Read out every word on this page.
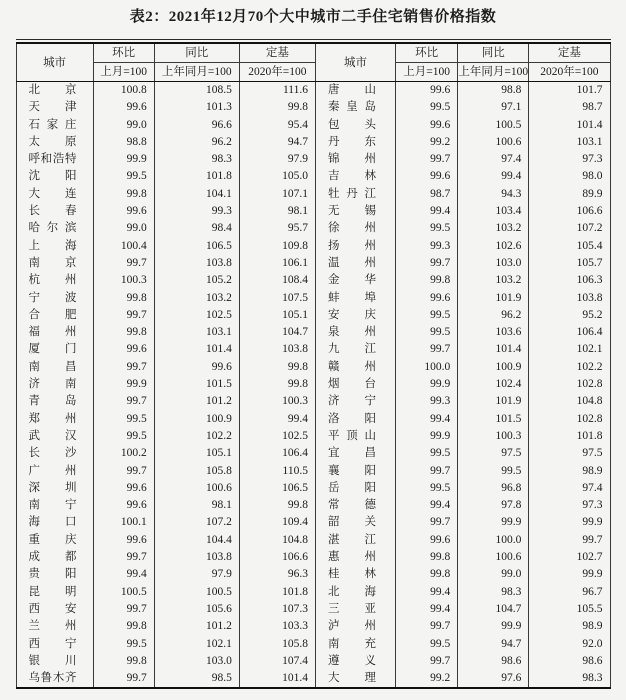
表2：2021年12月70个大中城市二手住宅销售价格指数
城市	环比	同比	定基	城市	环比	同比	定基
	上月=100	上年同月=100	2020年=100		上月=100	上年同月=100	2020年=100

北 京	100.8	108.5	111.6	唐 山	99.6	98.8	101.7

天 津	99.6	101.3	99.8	秦 皇 岛	99.5	97.1	98.7

石 家 庄	99.0	96.6	95.4	包 头	99.6	100.5	101.4

太 原	98.8	96.2	94.7	丹 东	99.2	100.6	103.1

呼 和 浩 特	99.9	98.3	97.9	锦 州	99.7	97.4	97.3

沈 阳	99.5	101.8	105.0	吉 林	99.6	99.4	98.0

大 连	99.8	104.1	107.1	牡 丹 江	98.7	94.3	89.9

长 春	99.6	99.3	98.1	无 锡	99.4	103.4	106.6

哈 尔 滨	99.0	98.4	95.7	徐 州	99.5	103.2	107.2

上 海	100.4	106.5	109.8	扬 州	99.3	102.6	105.4

南 京	99.7	103.8	106.1	温 州	99.7	103.0	105.7

杭 州	100.3	105.2	108.4	金 华	99.8	103.2	106.3

宁 波	99.8	103.2	107.5	蚌 埠	99.6	101.9	103.8

合 肥	99.7	102.5	105.1	安 庆	99.5	96.2	95.2

福 州	99.8	103.1	104.7	泉 州	99.5	103.6	106.4

厦 门	99.6	101.4	103.8	九 江	99.7	101.4	102.1

南 昌	99.7	99.6	99.8	赣 州	100.0	100.9	102.2

济 南	99.9	101.5	99.8	烟 台	99.9	102.4	102.8

青 岛	99.7	101.2	100.3	济 宁	99.3	101.9	104.8

郑 州	99.5	100.9	99.4	洛 阳	99.4	101.5	102.8

武 汉	99.5	102.2	102.5	平 顶 山	99.9	100.3	101.8

长 沙	100.2	105.1	106.4	宜 昌	99.5	97.5	97.5

广 州	99.7	105.8	110.5	襄 阳	99.7	99.5	98.9

深 圳	99.6	100.6	106.5	岳 阳	99.5	96.8	97.4

南 宁	99.6	98.1	99.8	常 德	99.4	97.8	97.3

海 口	100.1	107.2	109.4	韶 关	99.7	99.9	99.9

重 庆	99.6	104.4	104.8	湛 江	99.6	100.0	99.7

成 都	99.7	103.8	106.6	惠 州	99.8	100.6	102.7

贵 阳	99.4	97.9	96.3	桂 林	99.8	99.0	99.9

昆 明	100.5	100.5	101.8	北 海	99.4	98.3	96.7

西 安	99.7	105.6	107.3	三 亚	99.4	104.7	105.5

兰 州	99.8	101.2	103.3	泸 州	99.7	99.9	98.9

西 宁	99.5	102.1	105.8	南 充	99.5	94.7	92.0

银 川	99.8	103.0	107.4	遵 义	99.7	98.6	98.6

乌 鲁 木 齐	99.7	98.5	101.4	大 理	99.2	97.6	98.3
